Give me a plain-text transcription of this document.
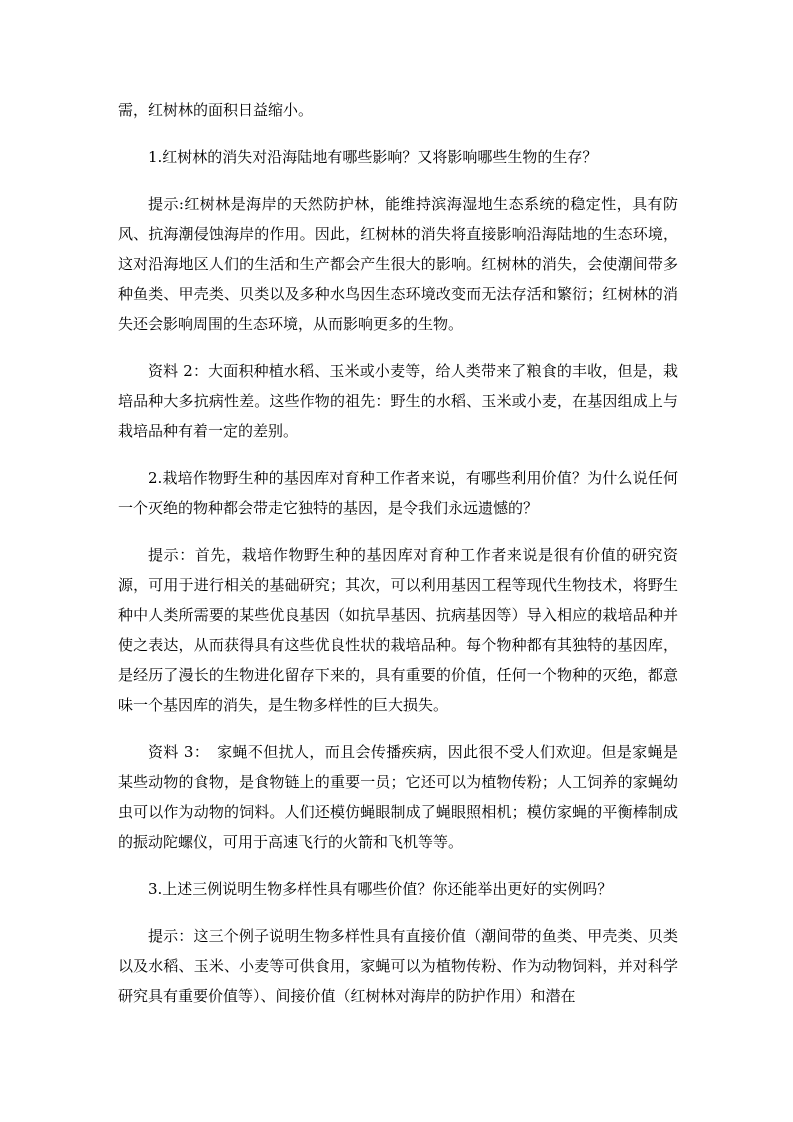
需，红树林的面积日益缩小。

1.红树林的消失对沿海陆地有哪些影响？又将影响哪些生物的生存？

提示:红树林是海岸的天然防护林，能维持滨海湿地生态系统的稳定性，具有防风、抗海潮侵蚀海岸的作用。因此，红树林的消失将直接影响沿海陆地的生态环境，这对沿海地区人们的生活和生产都会产生很大的影响。红树林的消失，会使潮间带多种鱼类、甲壳类、贝类以及多种水鸟因生态环境改变而无法存活和繁衍；红树林的消失还会影响周围的生态环境，从而影响更多的生物。

资料 2：大面积种植水稻、玉米或小麦等，给人类带来了粮食的丰收，但是，栽培品种大多抗病性差。这些作物的祖先：野生的水稻、玉米或小麦，在基因组成上与栽培品种有着一定的差别。

2.栽培作物野生种的基因库对育种工作者来说，有哪些利用价值？为什么说任何一个灭绝的物种都会带走它独特的基因，是令我们永远遗憾的？

提示：首先，栽培作物野生种的基因库对育种工作者来说是很有价值的研究资源，可用于进行相关的基础研究；其次，可以利用基因工程等现代生物技术，将野生种中人类所需要的某些优良基因（如抗旱基因、抗病基因等）导入相应的栽培品种并使之表达，从而获得具有这些优良性状的栽培品种。每个物种都有其独特的基因库，是经历了漫长的生物进化留存下来的，具有重要的价值，任何一个物种的灭绝，都意味一个基因库的消失，是生物多样性的巨大损失。

资料 3：　家蝇不但扰人，而且会传播疾病，因此很不受人们欢迎。但是家蝇是某些动物的食物，是食物链上的重要一员；它还可以为植物传粉；人工饲养的家蝇幼虫可以作为动物的饲料。人们还模仿蝇眼制成了蝇眼照相机；模仿家蝇的平衡棒制成的振动陀螺仪，可用于高速飞行的火箭和飞机等等。

3.上述三例说明生物多样性具有哪些价值？你还能举出更好的实例吗？

提示：这三个例子说明生物多样性具有直接价值（潮间带的鱼类、甲壳类、贝类以及水稻、玉米、小麦等可供食用，家蝇可以为植物传粉、作为动物饲料，并对科学研究具有重要价值等）、间接价值（红树林对海岸的防护作用）和潜在
